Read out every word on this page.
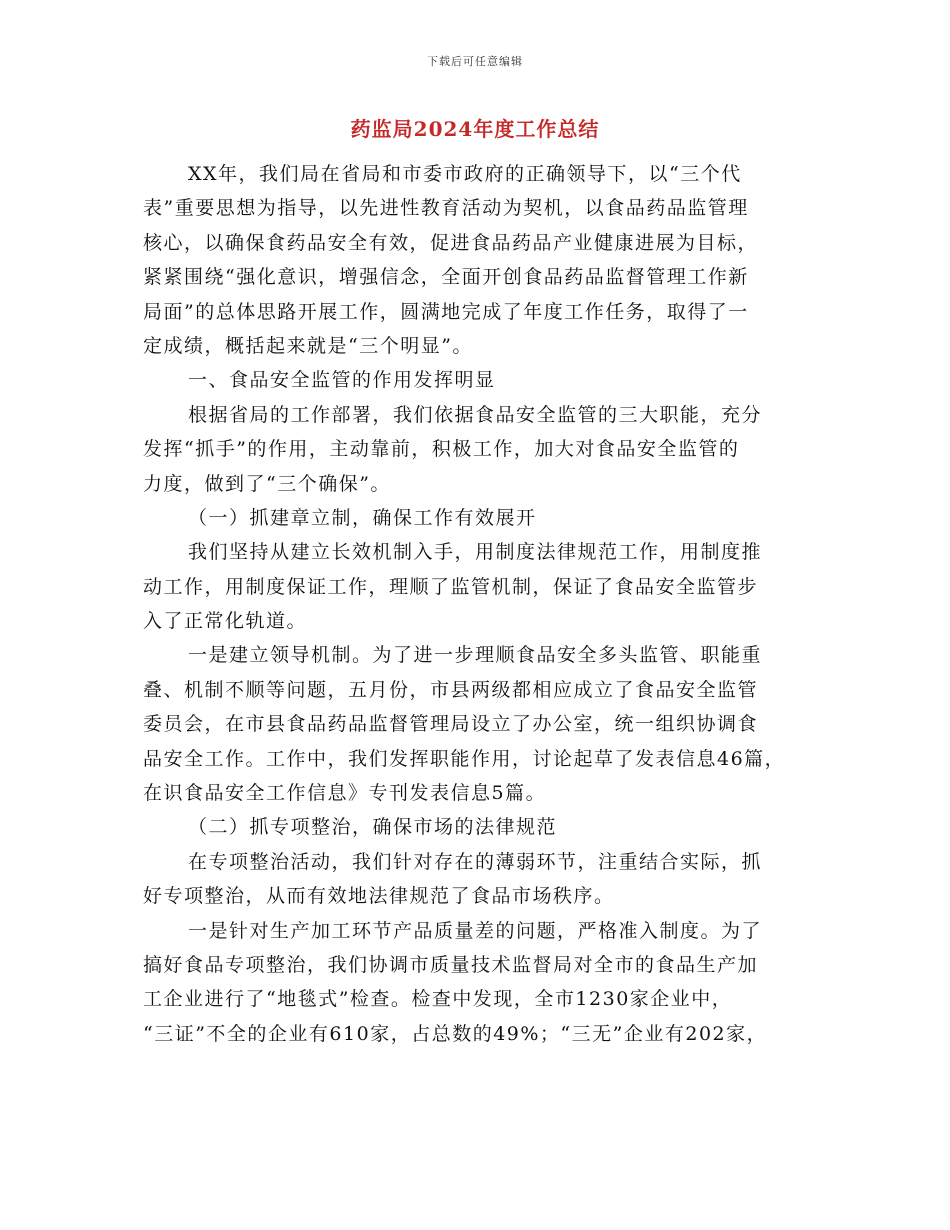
下载后可任意编辑
药监局2024年度工作总结
XX年，我们局在省局和市委市政府的正确领导下，以“三个代
表”重要思想为指导，以先进性教育活动为契机，以食品药品监管理
核心，以确保食药品安全有效，促进食品药品产业健康进展为目标，
紧紧围绕“强化意识，增强信念，全面开创食品药品监督管理工作新
局面”的总体思路开展工作，圆满地完成了年度工作任务，取得了一
定成绩，概括起来就是“三个明显”。
一、食品安全监管的作用发挥明显
根据省局的工作部署，我们依据食品安全监管的三大职能，充分
发挥“抓手”的作用，主动靠前，积极工作，加大对食品安全监管的
力度，做到了“三个确保”。
（一）抓建章立制，确保工作有效展开
我们坚持从建立长效机制入手，用制度法律规范工作，用制度推
动工作，用制度保证工作，理顺了监管机制，保证了食品安全监管步
入了正常化轨道。
一是建立领导机制。为了进一步理顺食品安全多头监管、职能重
叠、机制不顺等问题，五月份，市县两级都相应成立了食品安全监管
委员会，在市县食品药品监督管理局设立了办公室，统一组织协调食
品安全工作。工作中，我们发挥职能作用，讨论起草了发表信息46篇，
在识食品安全工作信息》专刊发表信息5篇。
（二）抓专项整治，确保市场的法律规范
在专项整治活动，我们针对存在的薄弱环节，注重结合实际，抓
好专项整治，从而有效地法律规范了食品市场秩序。
一是针对生产加工环节产品质量差的问题，严格准入制度。为了
搞好食品专项整治，我们协调市质量技术监督局对全市的食品生产加
工企业进行了“地毯式”检查。检查中发现，全市1230家企业中，
“三证”不全的企业有610家，占总数的49%；“三无”企业有202家，
